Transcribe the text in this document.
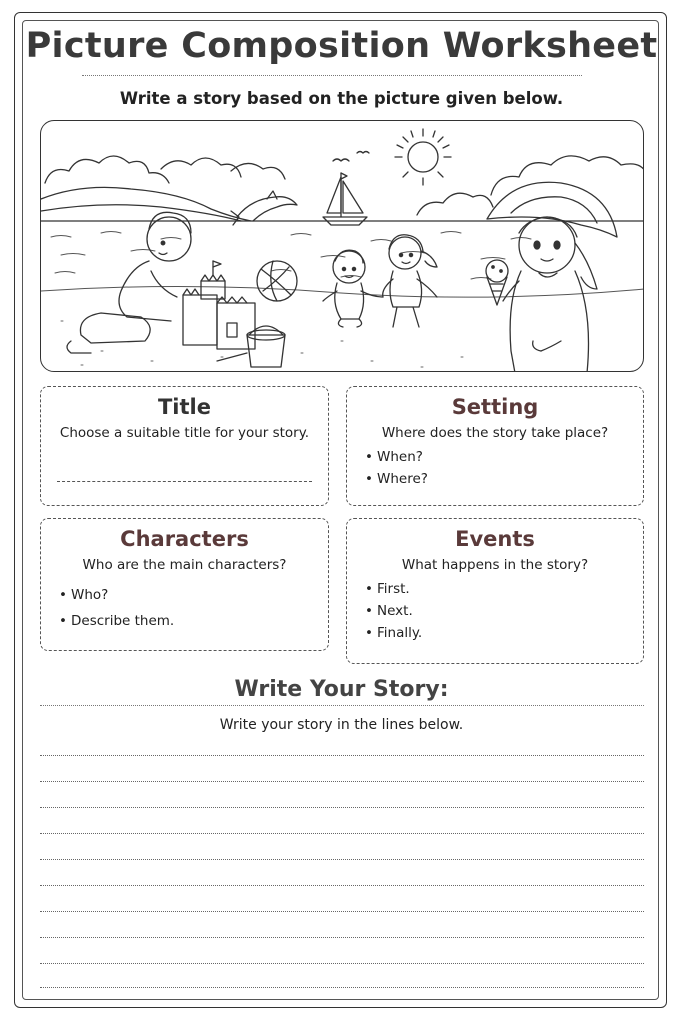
Picture Composition Worksheet
Write a story based on the picture given below.
Title
Choose a suitable title for your story.
Setting
Where does the story take place?
• When?
• Where?
Characters
Who are the main characters?
• Who?
• Describe them.
Events
What happens in the story?
• First.
• Next.
• Finally.
Write Your Story:
Write your story in the lines below.
